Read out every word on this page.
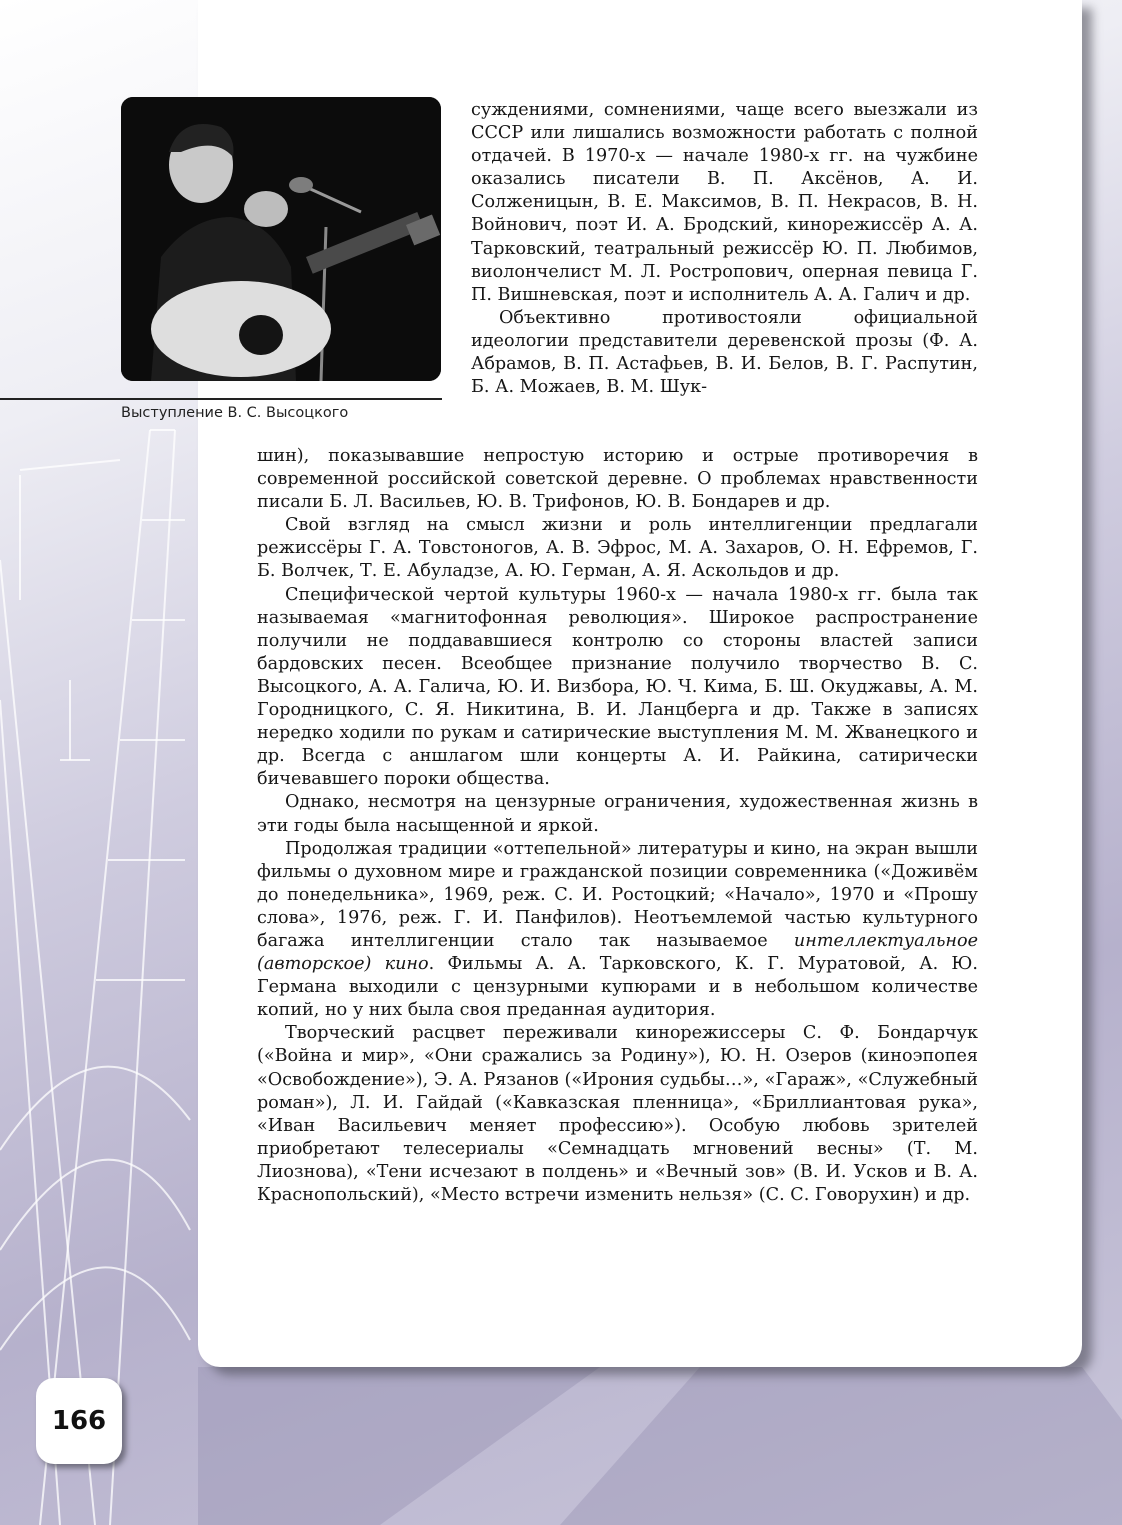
Выступление В. С. Высоцкого

суждениями, сомнениями, чаще всего выезжали из СССР или лишались возможности работать с полной отдачей. В 1970-х — начале 1980-х гг. на чужбине оказались писатели В. П. Аксёнов, А. И. Солженицын, В. Е. Максимов, В. П. Некрасов, В. Н. Войнович, поэт И. А. Бродский, кинорежиссёр А. А. Тарковский, театральный режиссёр Ю. П. Любимов, виолончелист М. Л. Ростропович, оперная певица Г. П. Вишневская, поэт и исполнитель А. А. Галич и др.

Объективно противостояли официальной идеологии представители деревенской прозы (Ф. А. Абрамов, В. П. Астафьев, В. И. Белов, В. Г. Распутин, Б. А. Можаев, В. М. Шук-

шин), показывавшие непростую историю и острые противоречия в современной российской советской деревне. О проблемах нравственности писали Б. Л. Васильев, Ю. В. Трифонов, Ю. В. Бондарев и др.

Свой взгляд на смысл жизни и роль интеллигенции предлагали режиссёры Г. А. Товстоногов, А. В. Эфрос, М. А. Захаров, О. Н. Ефремов, Г. Б. Волчек, Т. Е. Абуладзе, А. Ю. Герман, А. Я. Аскольдов и др.

Специфической чертой культуры 1960-х — начала 1980-х гг. была так называемая «магнитофонная революция». Широкое распространение получили не поддававшиеся контролю со стороны властей записи бардовских песен. Всеобщее признание получило творчество В. С. Высоцкого, А. А. Галича, Ю. И. Визбора, Ю. Ч. Кима, Б. Ш. Окуджавы, А. М. Городницкого, С. Я. Никитина, В. И. Ланцберга и др. Также в записях нередко ходили по рукам и сатирические выступления М. М. Жванецкого и др. Всегда с аншлагом шли концерты А. И. Райкина, сатирически бичевавшего пороки общества.

Однако, несмотря на цензурные ограничения, художественная жизнь в эти годы была насыщенной и яркой.

Продолжая традиции «оттепельной» литературы и кино, на экран вышли фильмы о духовном мире и гражданской позиции современника («Доживём до понедельника», 1969, реж. С. И. Ростоцкий; «Начало», 1970 и «Прошу слова», 1976, реж. Г. И. Панфилов). Неотъемлемой частью культурного багажа интеллигенции стало так называемое интеллектуальное (авторское) кино. Фильмы А. А. Тарковского, К. Г. Муратовой, А. Ю. Германа выходили с цензурными купюрами и в небольшом количестве копий, но у них была своя преданная аудитория.

Творческий расцвет переживали кинорежиссеры С. Ф. Бондарчук («Война и мир», «Они сражались за Родину»), Ю. Н. Озеров (киноэпопея «Освобождение»), Э. А. Рязанов («Ирония судьбы…», «Гараж», «Служебный роман»), Л. И. Гайдай («Кавказская пленница», «Бриллиантовая рука», «Иван Васильевич меняет профессию»). Особую любовь зрителей приобретают телесериалы «Семнадцать мгновений весны» (Т. М. Лиознова), «Тени исчезают в полдень» и «Вечный зов» (В. И. Усков и В. А. Краснопольский), «Место встречи изменить нельзя» (С. С. Говорухин) и др.

166
